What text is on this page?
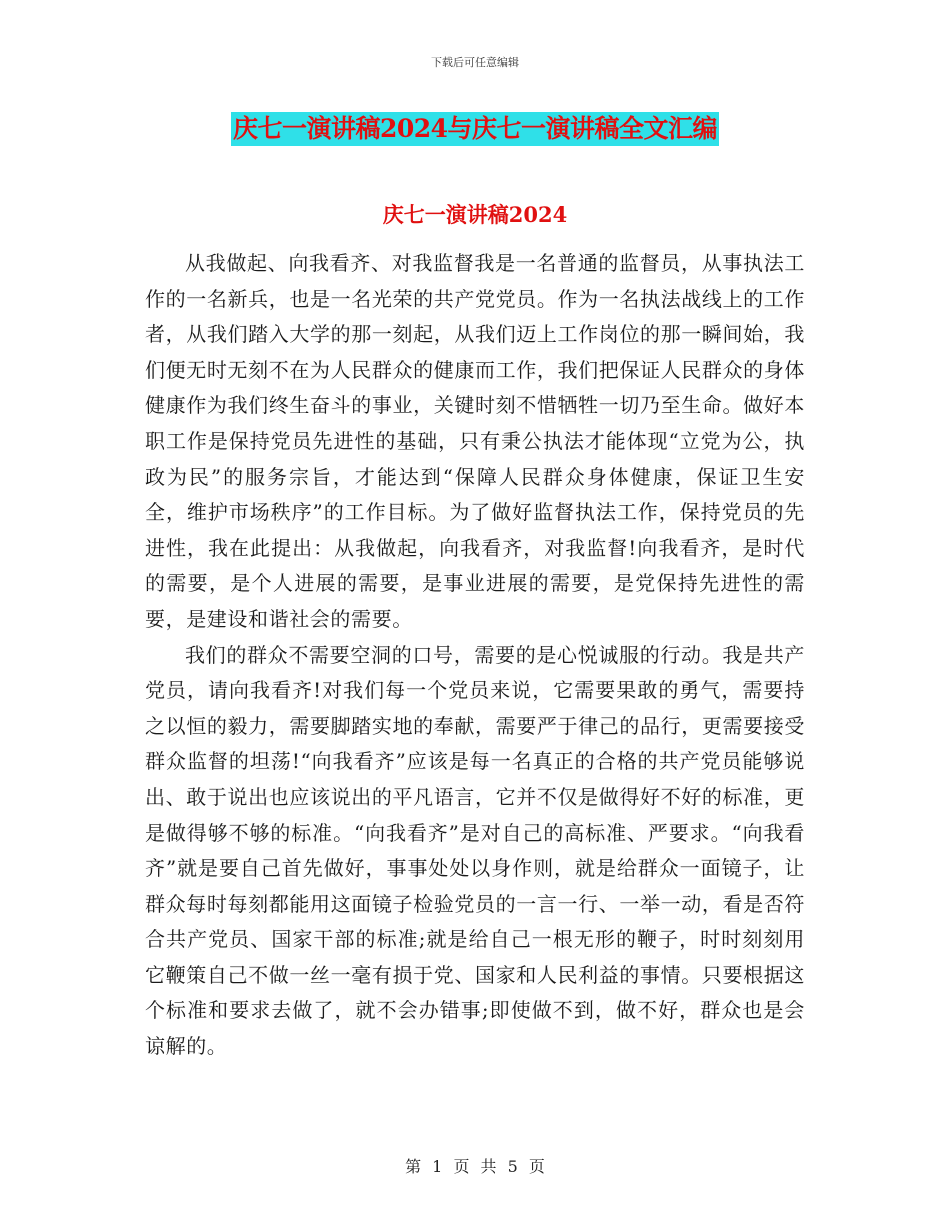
下载后可任意编辑
庆七一演讲稿2024与庆七一演讲稿全文汇编
庆七一演讲稿2024

从我做起、向我看齐、对我监督我是一名普通的监督员，从事执法工作的一名新兵，也是一名光荣的共产党党员。作为一名执法战线上的工作者，从我们踏入大学的那一刻起，从我们迈上工作岗位的那一瞬间始，我们便无时无刻不在为人民群众的健康而工作，我们把保证人民群众的身体健康作为我们终生奋斗的事业，关键时刻不惜牺牲一切乃至生命。做好本职工作是保持党员先进性的基础，只有秉公执法才能体现“立党为公，执政为民”的服务宗旨，才能达到“保障人民群众身体健康，保证卫生安全，维护市场秩序”的工作目标。为了做好监督执法工作，保持党员的先进性，我在此提出：从我做起，向我看齐，对我监督!向我看齐，是时代的需要，是个人进展的需要，是事业进展的需要，是党保持先进性的需要，是建设和谐社会的需要。

我们的群众不需要空洞的口号，需要的是心悦诚服的行动。我是共产党员，请向我看齐!对我们每一个党员来说，它需要果敢的勇气，需要持之以恒的毅力，需要脚踏实地的奉献，需要严于律己的品行，更需要接受群众监督的坦荡!“向我看齐”应该是每一名真正的合格的共产党员能够说出、敢于说出也应该说出的平凡语言，它并不仅是做得好不好的标准，更是做得够不够的标准。“向我看齐”是对自己的高标准、严要求。“向我看齐”就是要自己首先做好，事事处处以身作则，就是给群众一面镜子，让群众每时每刻都能用这面镜子检验党员的一言一行、一举一动，看是否符合共产党员、国家干部的标准;就是给自己一根无形的鞭子，时时刻刻用它鞭策自己不做一丝一毫有损于党、国家和人民利益的事情。只要根据这个标准和要求去做了，就不会办错事;即使做不到，做不好，群众也是会谅解的。

第 1 页 共 5 页
